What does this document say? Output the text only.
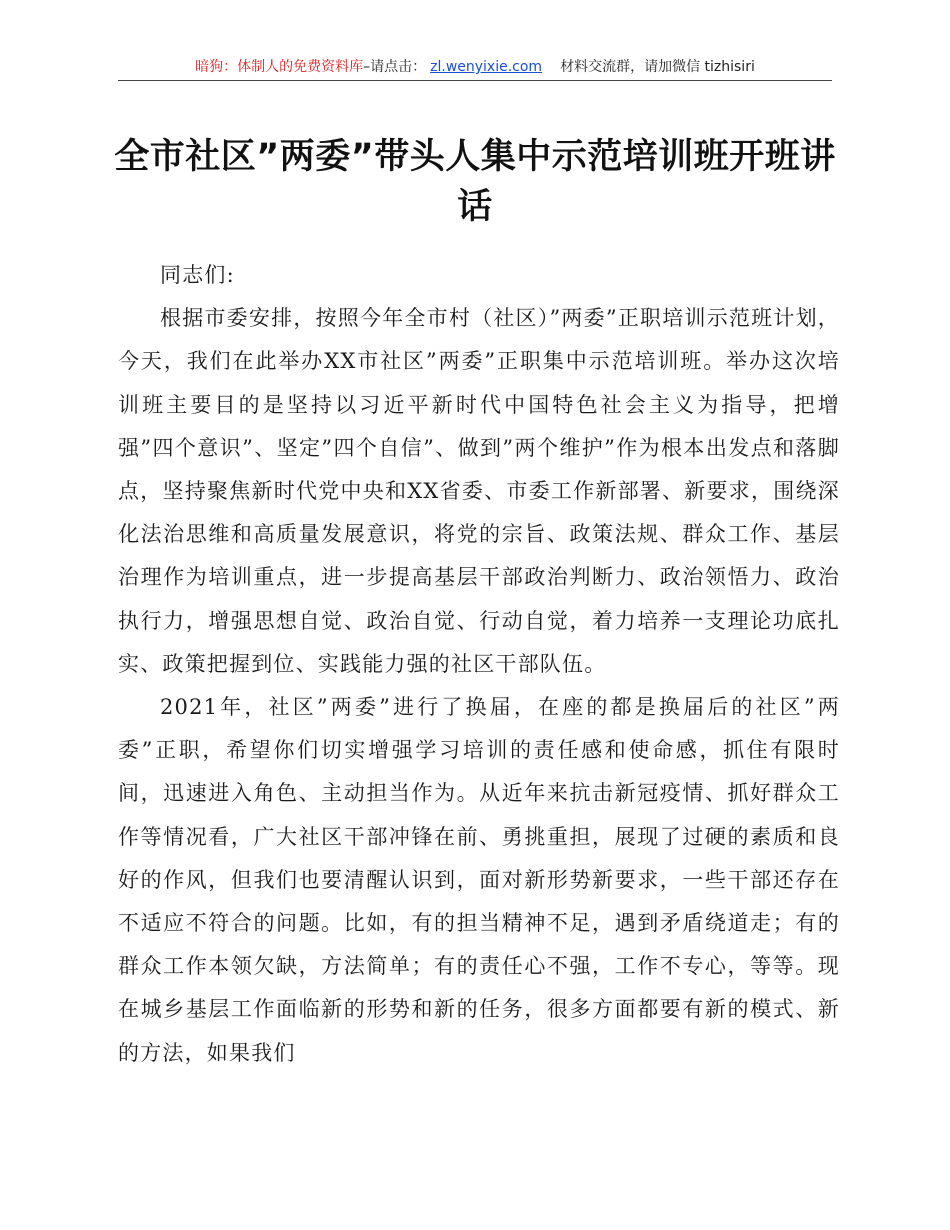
暗狗：体制人的免费资料库 –请点击： zl.wenyixie.com 材料交流群，请加微信 tizhisiri
全市社区”两委”带头人集中示范培训班开班讲话

同志们:

根据市委安排，按照今年全市村（社区）”两委”正职培训示范班计划，今天，我们在此举办XX市社区”两委”正职集中示范培训班。举办这次培训班主要目的是坚持以习近平新时代中国特色社会主义为指导，把增强”四个意识”、坚定”四个自信”、做到”两个维护”作为根本出发点和落脚点，坚持聚焦新时代党中央和XX省委、市委工作新部署、新要求，围绕深化法治思维和高质量发展意识，将党的宗旨、政策法规、群众工作、基层治理作为培训重点，进一步提高基层干部政治判断力、政治领悟力、政治执行力，增强思想自觉、政治自觉、行动自觉，着力培养一支理论功底扎实、政策把握到位、实践能力强的社区干部队伍。

2021年，社区”两委”进行了换届，在座的都是换届后的社区”两委”正职，希望你们切实增强学习培训的责任感和使命感，抓住有限时间，迅速进入角色、主动担当作为。从近年来抗击新冠疫情、抓好群众工作等情况看，广大社区干部冲锋在前、勇挑重担，展现了过硬的素质和良好的作风，但我们也要清醒认识到，面对新形势新要求，一些干部还存在不适应不符合的问题。比如，有的担当精神不足，遇到矛盾绕道走；有的群众工作本领欠缺，方法简单；有的责任心不强，工作不专心，等等。现在城乡基层工作面临新的形势和新的任务，很多方面都要有新的模式、新的方法，如果我们
